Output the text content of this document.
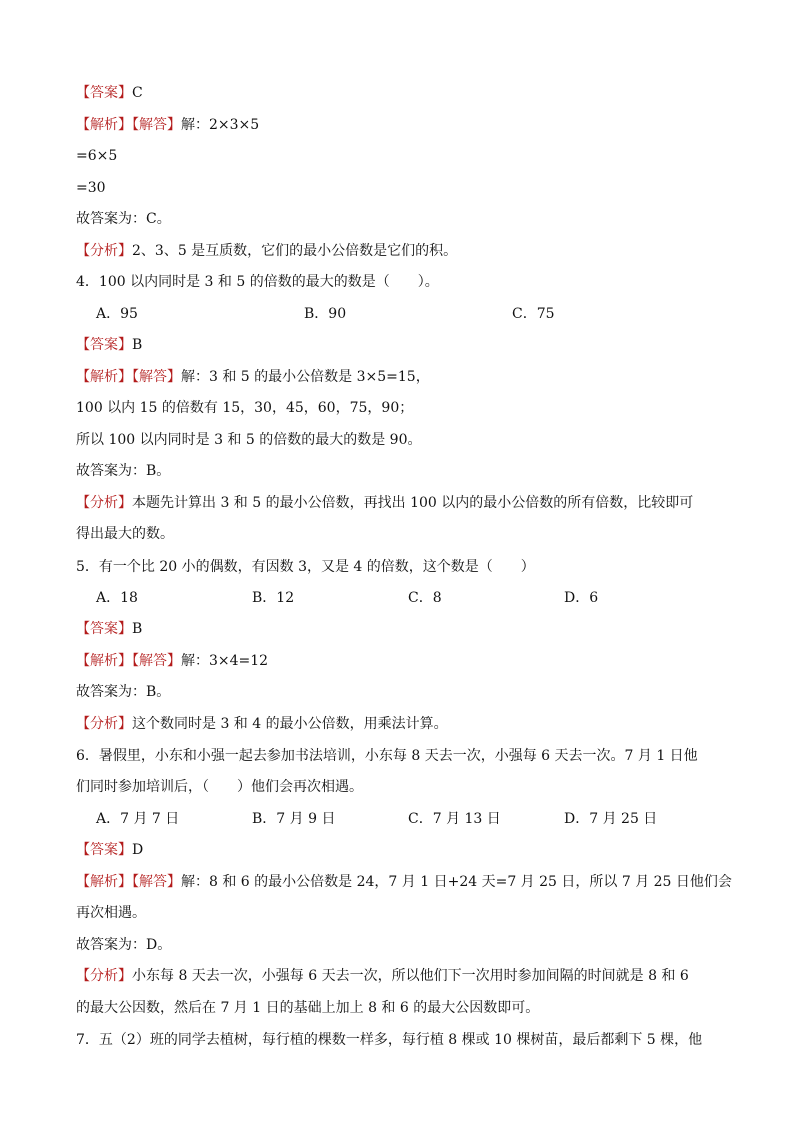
【答案】C
【解析】【解答】解：2×3×5
=6×5
=30
故答案为：C。
【分析】2、3、5 是互质数，它们的最小公倍数是它们的积。
4．100 以内同时是 3 和 5 的倍数的最大的数是（　　）。
A．95	B．90	C．75
【答案】B
【解析】【解答】解：3 和 5 的最小公倍数是 3×5=15，
100 以内 15 的倍数有 15，30，45，60，75，90；
所以 100 以内同时是 3 和 5 的倍数的最大的数是 90。
故答案为：B。
【分析】本题先计算出 3 和 5 的最小公倍数，再找出 100 以内的最小公倍数的所有倍数，比较即可
得出最大的数。
5．有一个比 20 小的偶数，有因数 3，又是 4 的倍数，这个数是（　　）
A．18	B．12	C．8	D．6
【答案】B
【解析】【解答】解：3×4=12
故答案为：B。
【分析】这个数同时是 3 和 4 的最小公倍数，用乘法计算。
6．暑假里，小东和小强一起去参加书法培训，小东每 8 天去一次，小强每 6 天去一次。7 月 1 日他
们同时参加培训后，（　　）他们会再次相遇。
A．7 月 7 日	B．7 月 9 日	C．7 月 13 日	D．7 月 25 日
【答案】D
【解析】【解答】解：8 和 6 的最小公倍数是 24，7 月 1 日+24 天=7 月 25 日，所以 7 月 25 日他们会
再次相遇。
故答案为：D。
【分析】小东每 8 天去一次，小强每 6 天去一次，所以他们下一次用时参加间隔的时间就是 8 和 6
的最大公因数，然后在 7 月 1 日的基础上加上 8 和 6 的最大公因数即可。
7．五（2）班的同学去植树，每行植的棵数一样多，每行植 8 棵或 10 棵树苗，最后都剩下 5 棵，他
